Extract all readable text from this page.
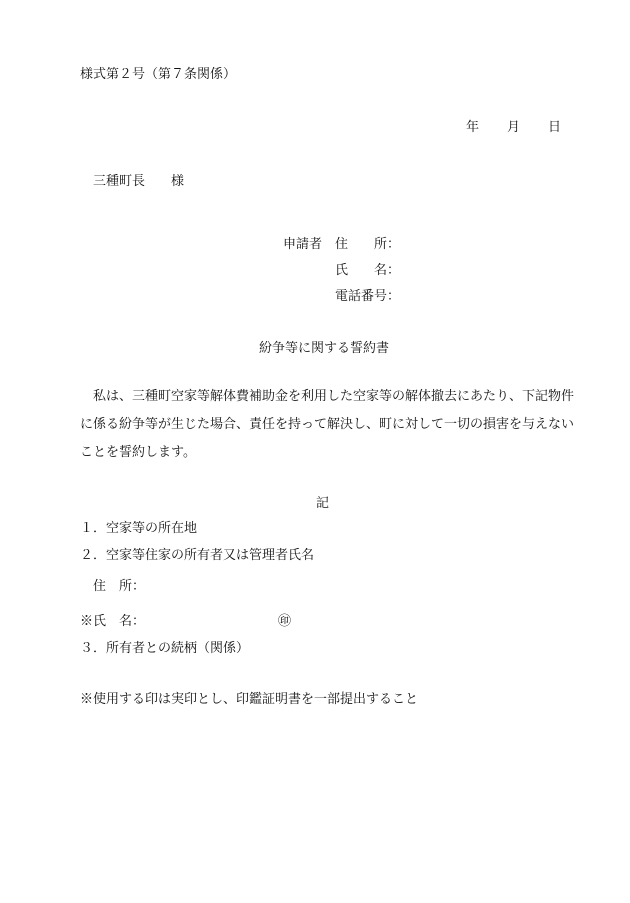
様式第２号（第７条関係）
年 月 日
三種町長 様
申請者 住　　所：
氏　　名：
電話番号：
紛争等に関する誓約書
私は、三種町空家等解体費補助金を利用した空家等の解体撤去にあたり、下記物件
に係る紛争等が生じた場合、責任を持って解決し、町に対して一切の損害を与えない
ことを誓約します。
記
１．空家等の所在地
２．空家等住家の所有者又は管理者氏名
住　所：
※氏　名：	㊞
３．所有者との続柄（関係）
※使用する印は実印とし、印鑑証明書を一部提出すること
